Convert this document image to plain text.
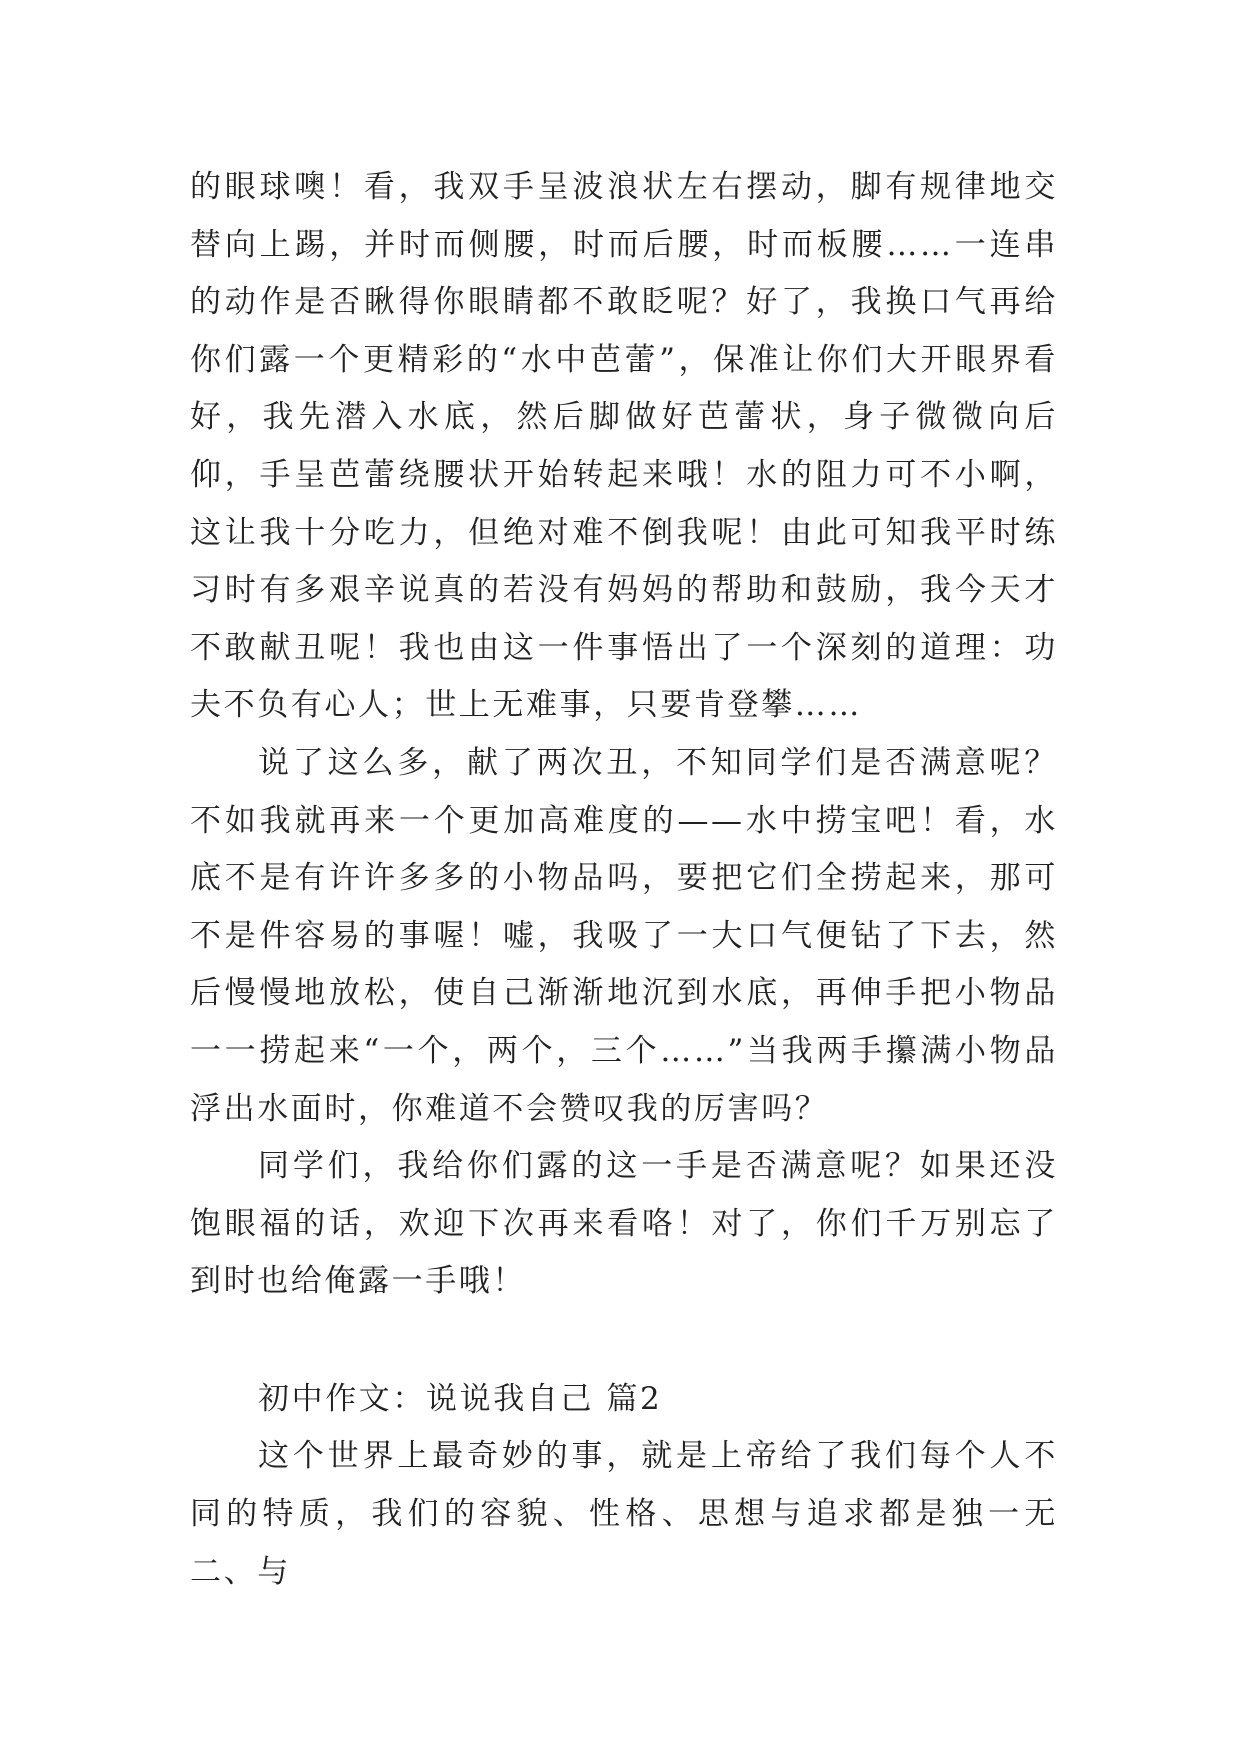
的眼球噢！看，我双手呈波浪状左右摆动，脚有规律地交替向上踢，并时而侧腰，时而后腰，时而板腰……一连串的动作是否瞅得你眼睛都不敢眨呢？好了，我换口气再给你们露一个更精彩的“水中芭蕾”，保准让你们大开眼界看好，我先潜入水底，然后脚做好芭蕾状，身子微微向后仰，手呈芭蕾绕腰状开始转起来哦！水的阻力可不小啊，这让我十分吃力，但绝对难不倒我呢！由此可知我平时练习时有多艰辛说真的若没有妈妈的帮助和鼓励，我今天才不敢献丑呢！我也由这一件事悟出了一个深刻的道理：功夫不负有心人；世上无难事，只要肯登攀……

说了这么多，献了两次丑，不知同学们是否满意呢？不如我就再来一个更加高难度的——水中捞宝吧！看，水底不是有许许多多的小物品吗，要把它们全捞起来，那可不是件容易的事喔！嘘，我吸了一大口气便钻了下去，然后慢慢地放松，使自己渐渐地沉到水底，再伸手把小物品一一捞起来“一个，两个，三个……”当我两手攥满小物品浮出水面时，你难道不会赞叹我的厉害吗？

同学们，我给你们露的这一手是否满意呢？如果还没饱眼福的话，欢迎下次再来看咯！对了，你们千万别忘了到时也给俺露一手哦！

初中作文：说说我自己 篇2

这个世界上最奇妙的事，就是上帝给了我们每个人不同的特质，我们的容貌、性格、思想与追求都是独一无二、与
